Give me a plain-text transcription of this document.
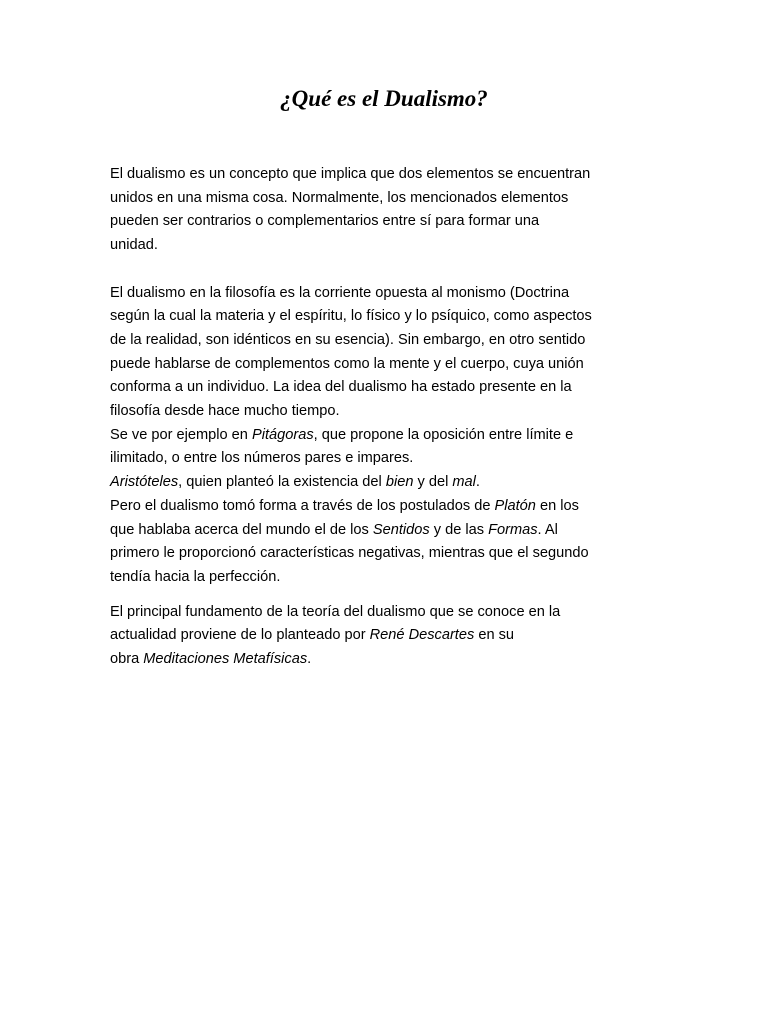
¿Qué es el Dualismo?

El dualismo es un concepto que implica que dos elementos se encuentran
unidos en una misma cosa. Normalmente, los mencionados elementos
pueden ser contrarios o complementarios entre sí para formar una
unidad.

El dualismo en la filosofía es la corriente opuesta al monismo (Doctrina
según la cual la materia y el espíritu, lo físico y lo psíquico, como aspectos
de la realidad, son idénticos en su esencia). Sin embargo, en otro sentido
puede hablarse de complementos como la mente y el cuerpo, cuya unión
conforma a un individuo. La idea del dualismo ha estado presente en la
filosofía desde hace mucho tiempo.

Se ve por ejemplo en Pitágoras, que propone la oposición entre límite e
ilimitado, o entre los números pares e impares.

Aristóteles, quien planteó la existencia del bien y del mal.

Pero el dualismo tomó forma a través de los postulados de Platón en los
que hablaba acerca del mundo el de los Sentidos y de las Formas. Al
primero le proporcionó características negativas, mientras que el segundo
tendía hacia la perfección.

El principal fundamento de la teoría del dualismo que se conoce en la
actualidad proviene de lo planteado por René Descartes en su
obra Meditaciones Metafísicas.
